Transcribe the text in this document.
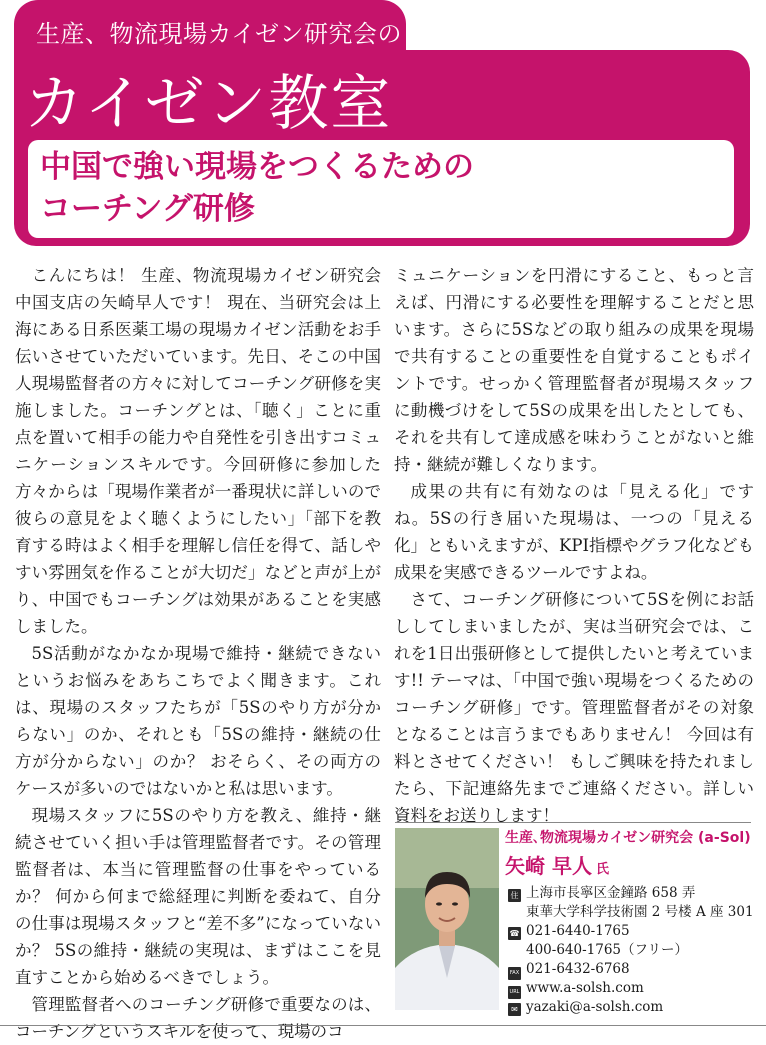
生産、物流現場カイゼン研究会の
カイゼン教室
中国で強い現場をつくるための
コーチング研修

こんにちは！ 生産、物流現場カイゼン研究会中国支店の矢崎早人です！ 現在、当研究会は上海にある日系医薬工場の現場カイゼン活動をお手伝いさせていただいています。先日、そこの中国人現場監督者の方々に対してコーチング研修を実施しました。コーチングとは、「聴く」ことに重点を置いて相手の能力や自発性を引き出すコミュニケーションスキルです。今回研修に参加した方々からは「現場作業者が一番現状に詳しいので彼らの意見をよく聴くようにしたい」「部下を教育する時はよく相手を理解し信任を得て、話しやすい雰囲気を作ることが大切だ」などと声が上がり、中国でもコーチングは効果があることを実感しました。

5S活動がなかなか現場で維持・継続できないというお悩みをあちこちでよく聞きます。これは、現場のスタッフたちが「5Sのやり方が分からない」のか、それとも「5Sの維持・継続の仕方が分からない」のか？ おそらく、その両方のケースが多いのではないかと私は思います。

現場スタッフに5Sのやり方を教え、維持・継続させていく担い手は管理監督者です。その管理監督者は、本当に管理監督の仕事をやっているか？ 何から何まで総経理に判断を委ねて、自分の仕事は現場スタッフと“差不多”になっていないか？ 5Sの維持・継続の実現は、まずはここを見直すことから始めるべきでしょう。

管理監督者へのコーチング研修で重要なのは、コーチングというスキルを使って、現場のコ

ミュニケーションを円滑にすること、もっと言えば、円滑にする必要性を理解することだと思います。さらに5Sなどの取り組みの成果を現場で共有することの重要性を自覚することもポイントです。せっかく管理監督者が現場スタッフに動機づけをして5Sの成果を出したとしても、それを共有して達成感を味わうことがないと維持・継続が難しくなります。

成果の共有に有効なのは「見える化」ですね。5Sの行き届いた現場は、一つの「見える化」ともいえますが、KPI指標やグラフ化なども成果を実感できるツールですよね。

さて、コーチング研修について5Sを例にお話ししてしまいましたが、実は当研究会では、これを1日出張研修として提供したいと考えています!! テーマは、「中国で強い現場をつくるためのコーチング研修」です。管理監督者がその対象となることは言うまでもありません！ 今回は有料とさせてください！ もしご興味を持たれましたら、下記連絡先までご連絡ください。詳しい資料をお送りします！

生産､物流現場カイゼン研究会 (a-Sol)
矢崎 早人 氏
住 上海市長寧区金鐘路 658 弄
東華大学科学技術園 2 号楼 A 座 301
☎ 021-6440-1765
400-640-1765（フリー）
FAX 021-6432-6768
URL www.a-solsh.com
✉ yazaki@a-solsh.com
